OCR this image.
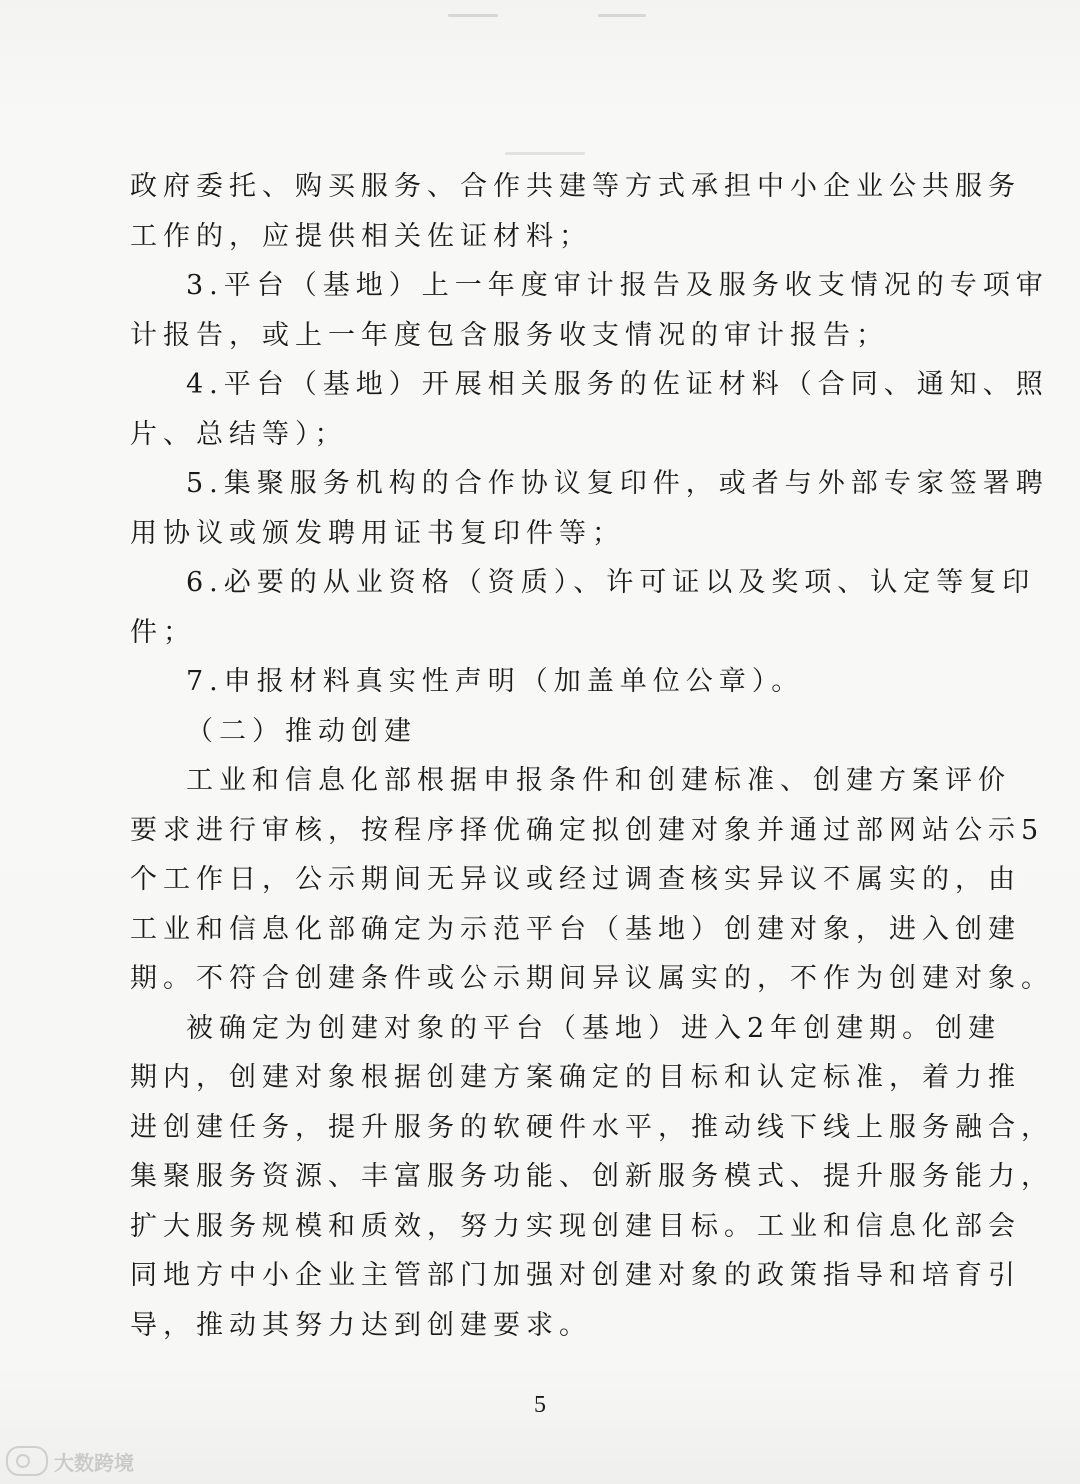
政府委托、购买服务、合作共建等方式承担中小企业公共服务
工作的，应提供相关佐证材料；
3.平台（基地）上一年度审计报告及服务收支情况的专项审
计报告，或上一年度包含服务收支情况的审计报告；
4.平台（基地）开展相关服务的佐证材料（合同、通知、照
片、总结等）；
5.集聚服务机构的合作协议复印件，或者与外部专家签署聘
用协议或颁发聘用证书复印件等；
6.必要的从业资格（资质）、许可证以及奖项、认定等复印
件；
7.申报材料真实性声明（加盖单位公章）。
（二）推动创建
工业和信息化部根据申报条件和创建标准、创建方案评价
要求进行审核，按程序择优确定拟创建对象并通过部网站公示5
个工作日，公示期间无异议或经过调查核实异议不属实的，由
工业和信息化部确定为示范平台（基地）创建对象，进入创建
期。不符合创建条件或公示期间异议属实的，不作为创建对象。
被确定为创建对象的平台（基地）进入2年创建期。创建
期内，创建对象根据创建方案确定的目标和认定标准，着力推
进创建任务，提升服务的软硬件水平，推动线下线上服务融合，
集聚服务资源、丰富服务功能、创新服务模式、提升服务能力，
扩大服务规模和质效，努力实现创建目标。工业和信息化部会
同地方中小企业主管部门加强对创建对象的政策指导和培育引
导，推动其努力达到创建要求。
5
大数跨境
